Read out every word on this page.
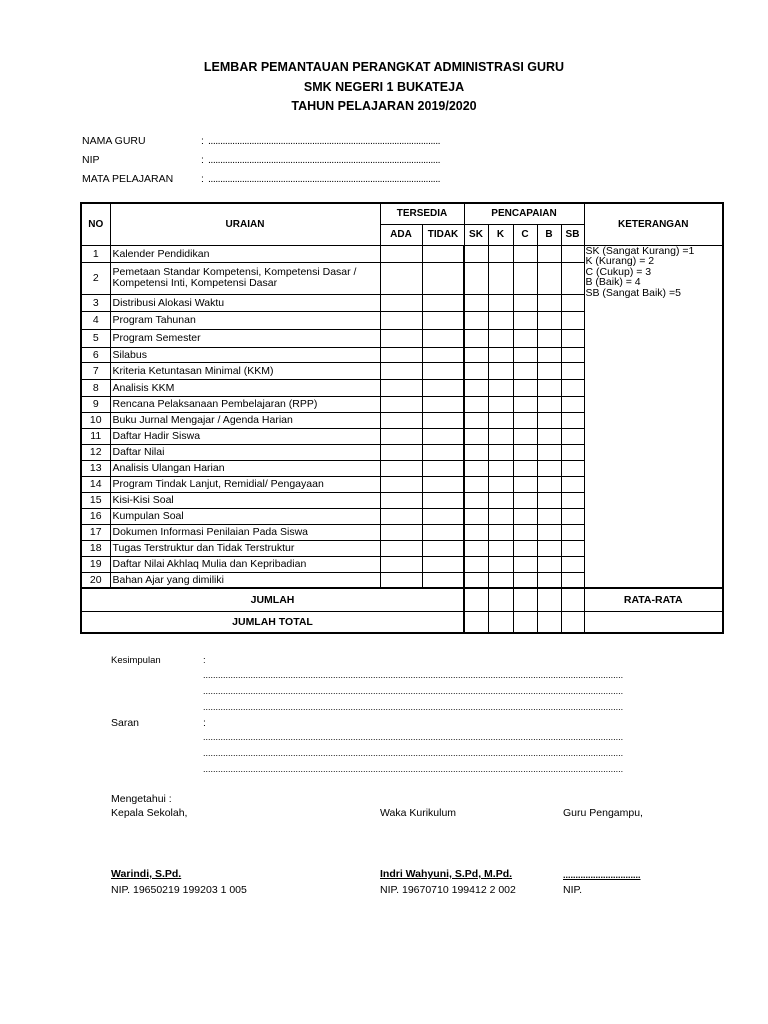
LEMBAR PEMANTAUAN PERANGKAT ADMINISTRASI GURU
SMK NEGERI 1 BUKATEJA
TAHUN PELAJARAN 2019/2020
NAMA GURU	: ................................................................................................
NIP	: ................................................................................................
MATA PELAJARAN	: ................................................................................................
NO	URAIAN	TERSEDIA		PENCAPAIAN					KETERANGAN
		ADA	TIDAK	SK	K	C	B	SB	
1	Kalender Pendidikan								SK (Sangat Kurang) =1
K (Kurang) = 2
C (Cukup) = 3
B (Baik) = 4
SB (Sangat Baik) =5

2	Pemetaan Standar Kompetensi, Kompetensi Dasar / Kompetensi Inti, Kompetensi Dasar								
3	Distribusi Alokasi Waktu								
4	Program Tahunan								
5	Program Semester								
6	Silabus								
7	Kriteria Ketuntasan Minimal (KKM)								
8	Analisis KKM								
9	Rencana Pelaksanaan Pembelajaran (RPP)								
10	Buku Jurnal Mengajar / Agenda Harian								
11	Daftar Hadir Siswa								
12	Daftar Nilai								
13	Analisis Ulangan Harian								
14	Program Tindak Lanjut, Remidial/ Pengayaan								
15	Kisi-Kisi Soal								
16	Kumpulan Soal								
17	Dokumen Informasi Penilaian Pada Siswa								
18	Tugas Terstruktur dan Tidak Terstruktur								
19	Daftar Nilai Akhlaq Mulia dan Kepribadian								
20	Bahan Ajar yang dimiliki								
JUMLAH									RATA-RATA
JUMLAH TOTAL									
Kesimpulan	:
........................................................................................................................................................................
........................................................................................................................................................................
........................................................................................................................................................................
Saran	:
........................................................................................................................................................................
........................................................................................................................................................................
........................................................................................................................................................................
Mengetahui :
Kepala Sekolah,	Waka Kurikulum	Guru Pengampu,
Warindi, S.Pd.	Indri Wahyuni, S.Pd, M.Pd.	...............................
NIP. 19650219 199203 1 005	NIP. 19670710 199412 2 002	NIP.
